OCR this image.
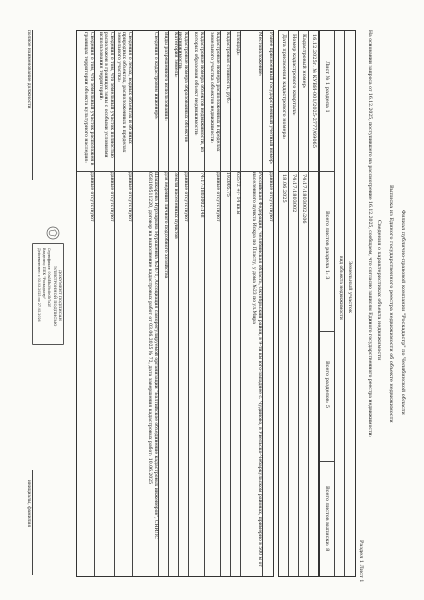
Филиал публично-правовой компании "Роскадастр" по Челябинской области
Выписка из Единого государственного реестра недвижимости об объекте недвижимости
Сведения о характеристиках объекта недвижимости
На основании запроса от 16.12.2025, поступившего на рассмотрение 16.12.2025, сообщаем, что согласно записям Единого государственного реестра недвижимости:
Раздел 1 Лист 1
Земельный участок
вид объекта недвижимости
Лист № 1 раздела 1
Всего листов раздела 1: 3
Всего разделов: 5
Всего листов выписки: 8
16.12.2025г. № КУВИ-001/2025-2777/69065
Кадастровый номер:
74:17:1803002:206
Номер кадастрового квартала:
74:17:1803002
Дата присвоения кадастрового номера:
18.06.2025
Ранее присвоенный государственный учетный номер:
данные отсутствуют
Местоположение:
Российская Федерация, Челябинская область, Октябрьский район, в 9-ти км юго-западнее с. Чудиново, в Увельско-Чебаркульском районах, примерно в 500 м от населенного пункта Искра по Пласту, у дома №23 по ул.Мира
Площадь:
63572 +/- 14 кв.м
Кадастровая стоимость, руб.:
192005.75
Кадастровые номера расположенных в пределах земельного участка объектов недвижимости:
данные отсутствуют
Кадастровые номера объектов недвижимости, из которых образован объект недвижимости:
74:17:1803002:148
Кадастровые номера образованных объектов недвижимости:
данные отсутствуют
Категория земель:
Земли населенных пунктов
Виды разрешенного использования:
для ведения личного подсобного хозяйства
Сведения о кадастровом инженере:
Шашкарова Нурзарына Нурашевна №2671, Ассоциация саморегулируемой организации "Балтийское объединение кадастровых инженеров", СНИЛС 058109511220, договор на выполнение кадастровых работ от 03.06.2025 № 72, дата завершения кадастровых работ: 10.06.2025
Сведения о лесах, водных объектах и об иных природных объектах, расположенных в пределах земельного участка:
данные отсутствуют
Сведения о том, что земельный участок полностью расположен в границах зоны с особыми условиями использования территорий:
данные отсутствуют
Сведения о том, что земельный участок расположен в границах территории объекта культурного наследия:
данные отсутствуют
полное наименование должности
ДОКУМЕНТ ПОДПИСАН
ЭЛЕКТРОННОЙ ПОДПИСЬЮ
Сертификат: 00a54fa39c8e3b7a2f
Владелец: ППК "Роскадастр"
Действителен: с 03.03.2025 по 27.05.2026
инициалы, фамилия
